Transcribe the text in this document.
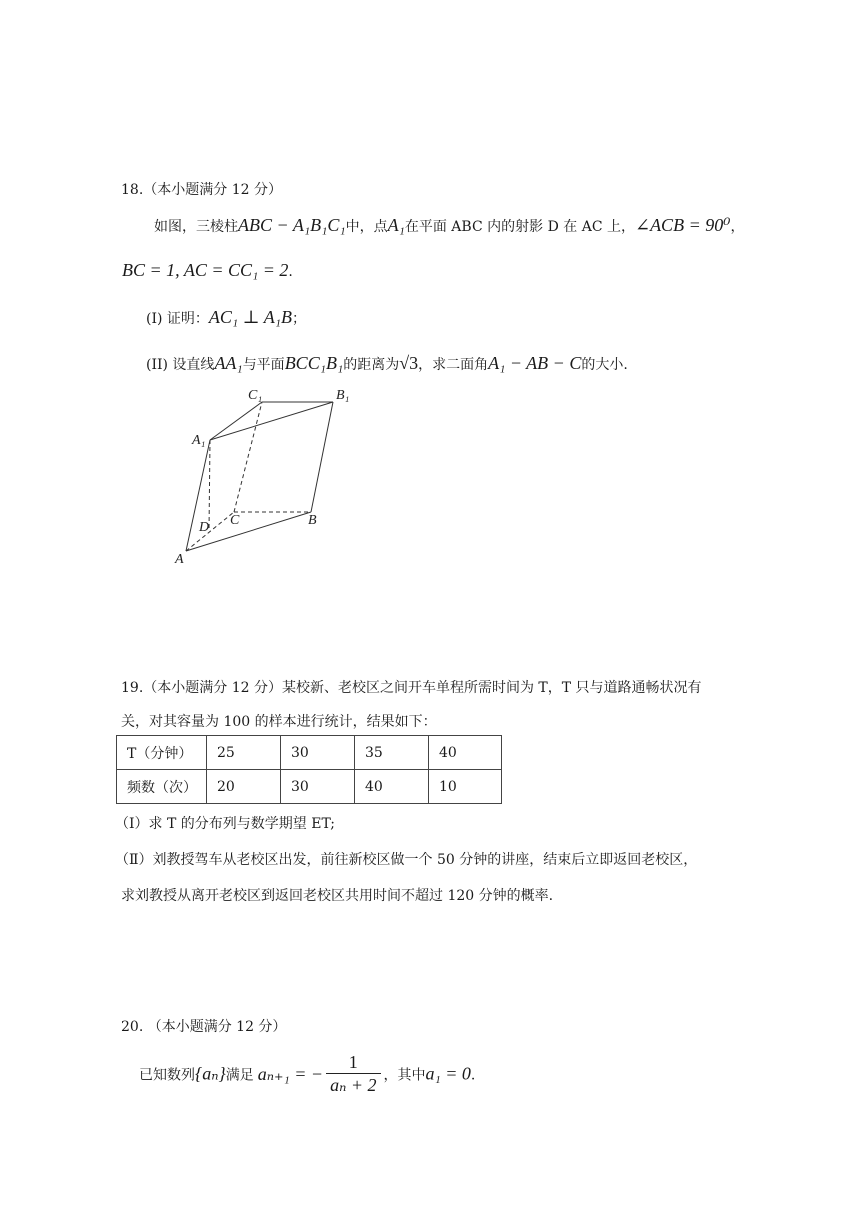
18.（本小题满分 12 分）
如图，三棱柱ABC − A₁B₁C₁中，点A₁在平面 ABC 内的射影 D 在 AC 上，∠ACB = 90⁰，
BC = 1, AC = CC₁ = 2.
(I) 证明：AC₁ ⊥ A₁B；
(II) 设直线AA₁与平面BCC₁B₁的距离为√3，求二面角A₁ − AB − C的大小.
C₁	B₁
A₁
D C	B
A
19.（本小题满分 12 分）某校新、老校区之间开车单程所需时间为 T，T 只与道路通畅状况有
关，对其容量为 100 的样本进行统计，结果如下：
T（分钟）	25	30	35	40
频数（次）	20	30	40	10
（Ⅰ）求 T 的分布列与数学期望 ET;
（Ⅱ）刘教授驾车从老校区出发，前往新校区做一个 50 分钟的讲座，结束后立即返回老校区，
求刘教授从离开老校区到返回老校区共用时间不超过 120 分钟的概率.
20. （本小题满分 12 分）
已知数列{aₙ}满足 aₙ₊₁ = − $\frac{1}{\text{aₙ + 2}}$ ，其中a₁ = 0.
